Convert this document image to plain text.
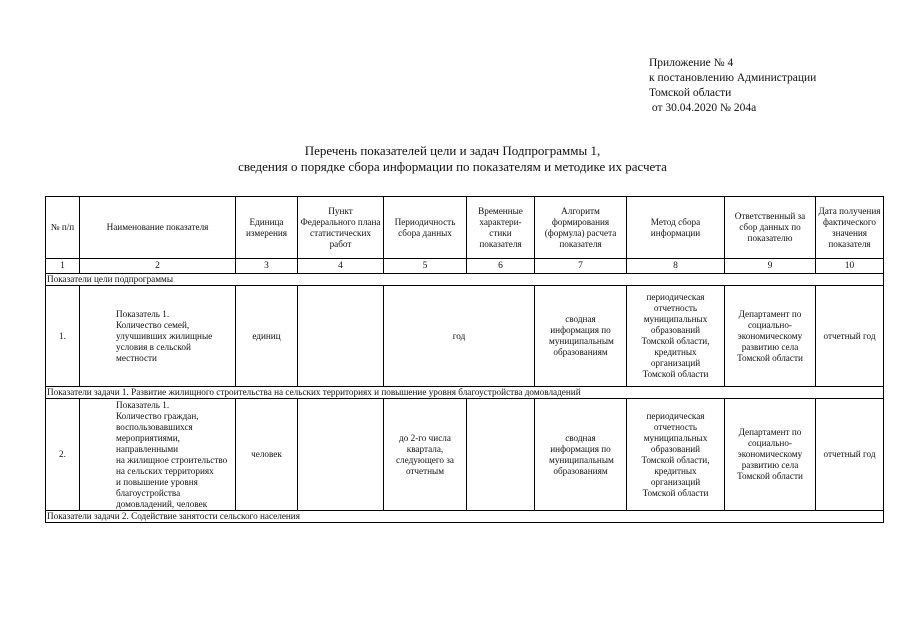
Приложение № 4
к постановлению Администрации
Томской области
от 30.04.2020 № 204а
Перечень показателей цели и задач Подпрограммы 1,
сведения о порядке сбора информации по показателям и методике их расчета
№ п/п	Наименование показателя	Единица измерения	Пункт Федерального плана статистических работ	Периодичность сбора данных	Временные характери-стики показателя	Алгоритм формирования (формула) расчета показателя	Метод сбора информации	Ответственный за сбор данных по показателю	Дата получения фактического значения показателя
1	2	3	4	5	6	7	8	9	10
Показатели цели подпрограммы									
1.	Показатель 1.
Количество семей, улучшивших жилищные условия в сельской местности	единиц		год		сводная информация по муниципальным образованиям	периодическая отчетность муниципальных образований Томской области, кредитных организаций Томской области	Департамент по социально-экономическому развитию села Томской области	отчетный год
Показатели задачи 1. Развитие жилищного строительства на сельских территориях и повышение уровня благоустройства домовладений									
2.	Показатель 1.
Количество граждан, воспользовавшихся мероприятиями, направленными
на жилищное строительство на сельских территориях
и повышение уровня благоустройства домовладений, человек	человек		до 2-го числа квартала, следующего за отчетным		сводная информация по муниципальным образованиям	периодическая отчетность муниципальных образований Томской области, кредитных организаций Томской области	Департамент по социально-экономическому развитию села Томской области	отчетный год
Показатели задачи 2. Содействие занятости сельского населения									
